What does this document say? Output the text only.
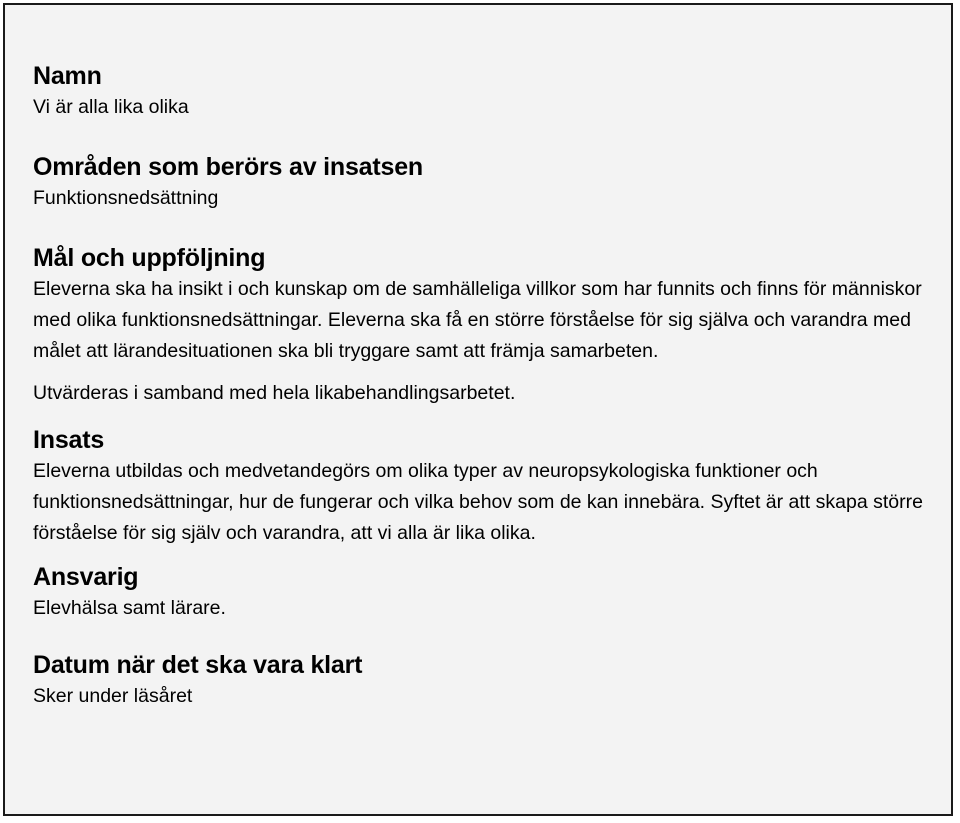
Namn

Vi är alla lika olika

Områden som berörs av insatsen

Funktionsnedsättning

Mål och uppföljning

Eleverna ska ha insikt i och kunskap om de samhälleliga villkor som har funnits och finns för människor med olika funktionsnedsättningar. Eleverna ska få en större förståelse för sig själva och varandra med målet att lärandesituationen ska bli tryggare samt att främja samarbeten.

Utvärderas i samband med hela likabehandlingsarbetet.

Insats

Eleverna utbildas och medvetandegörs om olika typer av neuropsykologiska funktioner och funktionsnedsättningar, hur de fungerar och vilka behov som de kan innebära. Syftet är att skapa större förståelse för sig själv och varandra, att vi alla är lika olika.

Ansvarig

Elevhälsa samt lärare.

Datum när det ska vara klart

Sker under läsåret
